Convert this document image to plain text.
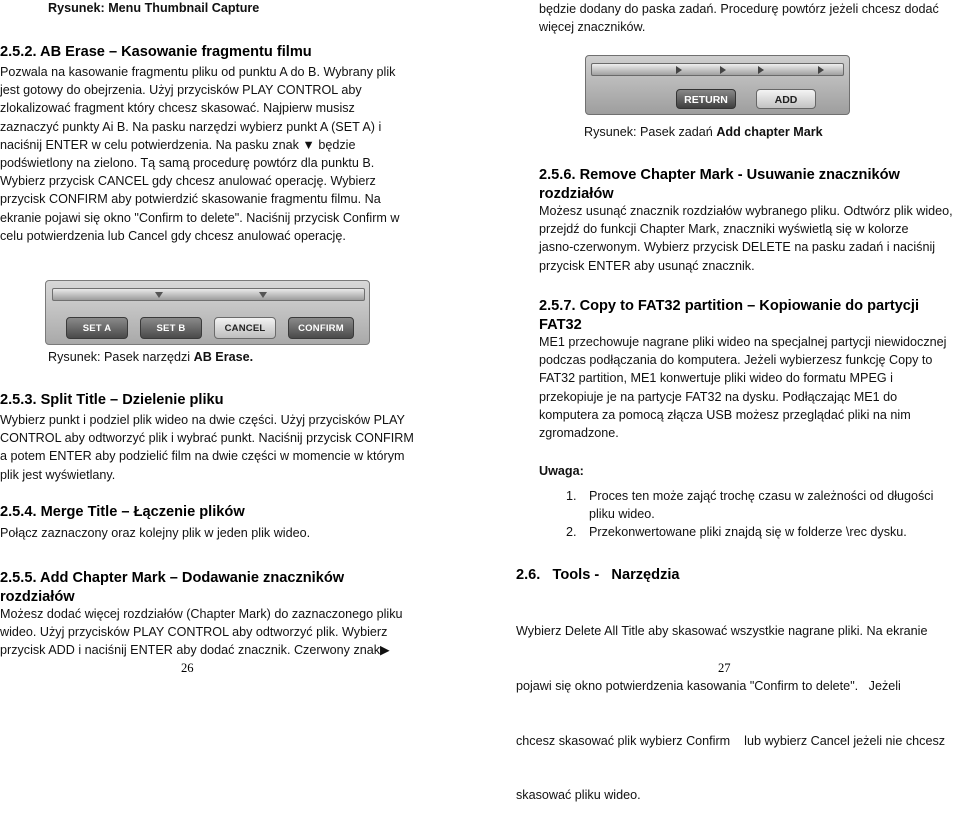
Rysunek: Menu Thumbnail Capture
2.5.2. AB Erase – Kasowanie fragmentu filmu
Pozwala na kasowanie fragmentu pliku od punktu A do B. Wybrany plik
jest gotowy do obejrzenia. Użyj przycisków PLAY CONTROL aby
zlokalizować fragment który chcesz skasować. Najpierw musisz
zaznaczyć punkty Ai B. Na pasku narzędzi wybierz punkt A (SET A) i
naciśnij ENTER w celu potwierdzenia. Na pasku znak ▼ będzie
podświetlony na zielono. Tą samą procedurę powtórz dla punktu B.
Wybierz przycisk CANCEL gdy chcesz anulować operację. Wybierz
przycisk CONFIRM aby potwierdzić skasowanie fragmentu filmu. Na
ekranie pojawi się okno "Confirm to delete". Naciśnij przycisk Confirm w
celu potwierdzenia lub Cancel gdy chcesz anulować operację.
SET A	SET B	CANCEL	CONFIRM
Rysunek: Pasek narzędzi AB Erase.
2.5.3. Split Title – Dzielenie pliku
Wybierz punkt i podziel plik wideo na dwie części. Użyj przycisków PLAY
CONTROL aby odtworzyć plik i wybrać punkt. Naciśnij przycisk CONFIRM
a potem ENTER aby podzielić film na dwie części w momencie w którym
plik jest wyświetlany.
2.5.4. Merge Title – Łączenie plików
Połącz zaznaczony oraz kolejny plik w jeden plik wideo.
2.5.5. Add Chapter Mark – Dodawanie znaczników
rozdziałów
Możesz dodać więcej rozdziałów (Chapter Mark) do zaznaczonego pliku
wideo. Użyj przycisków PLAY CONTROL aby odtworzyć plik. Wybierz
przycisk ADD i naciśnij ENTER aby dodać znacznik. Czerwony znak▶
26
będzie dodany do paska zadań. Procedurę powtórz jeżeli chcesz dodać
więcej znaczników.
RETURN	ADD
Rysunek: Pasek zadań Add chapter Mark
2.5.6. Remove Chapter Mark - Usuwanie znaczników
rozdziałów
Możesz usunąć znacznik rozdziałów wybranego pliku. Odtwórz plik wideo,
przejdź do funkcji Chapter Mark, znaczniki wyświetlą się w kolorze
jasno-czerwonym. Wybierz przycisk DELETE na pasku zadań i naciśnij
przycisk ENTER aby usunąć znacznik.
2.5.7. Copy to FAT32 partition – Kopiowanie do partycji
FAT32
ME1 przechowuje nagrane pliki wideo na specjalnej partycji niewidocznej
podczas podłączania do komputera. Jeżeli wybierzesz funkcję Copy to
FAT32 partition, ME1 konwertuje pliki wideo do formatu MPEG i
przekopiuje je na partycje FAT32 na dysku. Podłączając ME1 do
komputera za pomocą złącza USB możesz przeglądać pliki na nim
zgromadzone.
Uwaga:
1. Proces ten może zająć trochę czasu w zależności od długości
pliku wideo.
2. Przekonwertowane pliki znajdą się w folderze \rec dysku.
2.6.   Tools -   Narzędzia

Wybierz Delete All Title aby skasować wszystkie nagrane pliki. Na ekranie

pojawi się okno potwierdzenia kasowania "Confirm to delete".   Jeżeli

chcesz skasować plik wybierz Confirm    lub wybierz Cancel jeżeli nie chcesz

skasować pliku wideo.

27
